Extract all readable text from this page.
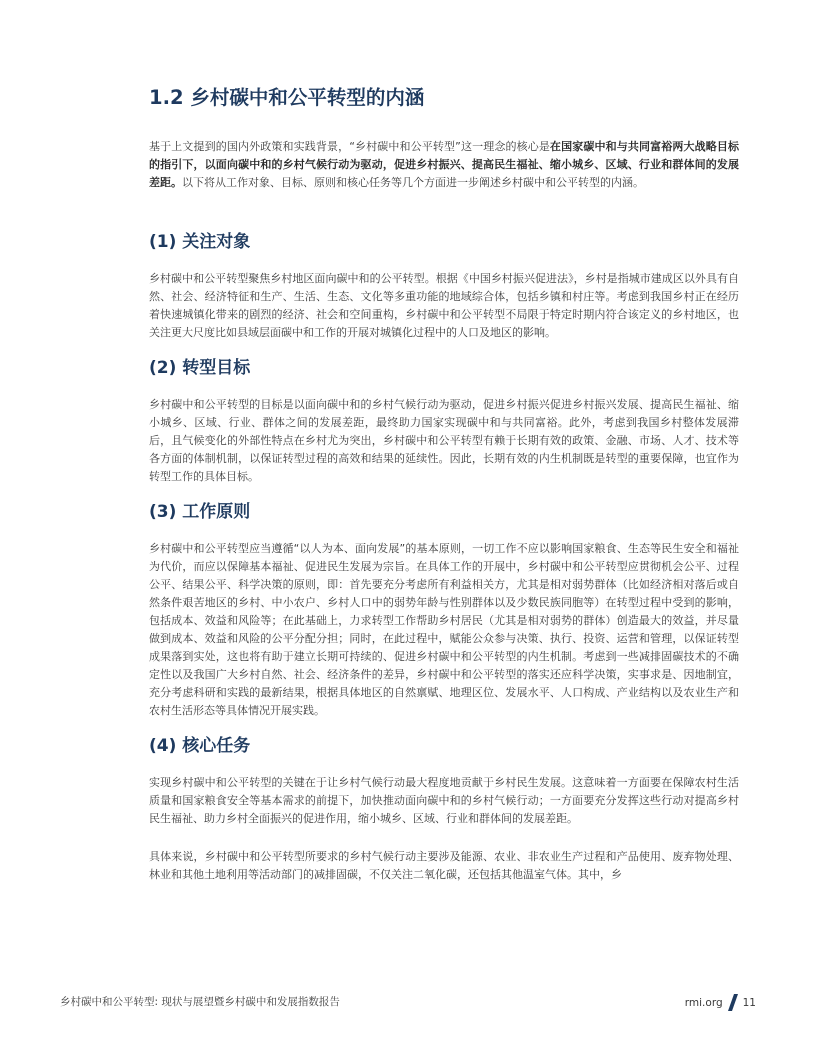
1.2 乡村碳中和公平转型的内涵

基于上文提到的国内外政策和实践背景，“乡村碳中和公平转型”这一理念的核心是在国家碳中和与共同富裕两大战略目标的指引下，以面向碳中和的乡村气候行动为驱动，促进乡村振兴、提高民生福祉、缩小城乡、区域、行业和群体间的发展差距。以下将从工作对象、目标、原则和核心任务等几个方面进一步阐述乡村碳中和公平转型的内涵。

(1) 关注对象

乡村碳中和公平转型聚焦乡村地区面向碳中和的公平转型。根据《中国乡村振兴促进法》，乡村是指城市建成区以外具有自然、社会、经济特征和生产、生活、生态、文化等多重功能的地域综合体，包括乡镇和村庄等。考虑到我国乡村正在经历着快速城镇化带来的剧烈的经济、社会和空间重构，乡村碳中和公平转型不局限于特定时期内符合该定义的乡村地区，也关注更大尺度比如县域层面碳中和工作的开展对城镇化过程中的人口及地区的影响。

(2) 转型目标

乡村碳中和公平转型的目标是以面向碳中和的乡村气候行动为驱动，促进乡村振兴促进乡村振兴发展、提高民生福祉、缩小城乡、区域、行业、群体之间的发展差距，最终助力国家实现碳中和与共同富裕。此外，考虑到我国乡村整体发展滞后，且气候变化的外部性特点在乡村尤为突出，乡村碳中和公平转型有赖于长期有效的政策、金融、市场、人才、技术等各方面的体制机制，以保证转型过程的高效和结果的延续性。因此，长期有效的内生机制既是转型的重要保障，也宜作为转型工作的具体目标。

(3) 工作原则

乡村碳中和公平转型应当遵循“以人为本、面向发展”的基本原则，一切工作不应以影响国家粮食、生态等民生安全和福祉为代价，而应以保障基本福祉、促进民生发展为宗旨。在具体工作的开展中，乡村碳中和公平转型应贯彻机会公平、过程公平、结果公平、科学决策的原则，即：首先要充分考虑所有利益相关方，尤其是相对弱势群体（比如经济相对落后或自然条件艰苦地区的乡村、中小农户、乡村人口中的弱势年龄与性别群体以及少数民族同胞等）在转型过程中受到的影响，包括成本、效益和风险等；在此基础上，力求转型工作帮助乡村居民（尤其是相对弱势的群体）创造最大的效益，并尽量做到成本、效益和风险的公平分配分担；同时，在此过程中，赋能公众参与决策、执行、投资、运营和管理，以保证转型成果落到实处，这也将有助于建立长期可持续的、促进乡村碳中和公平转型的内生机制。考虑到一些减排固碳技术的不确定性以及我国广大乡村自然、社会、经济条件的差异，乡村碳中和公平转型的落实还应科学决策，实事求是、因地制宜，充分考虑科研和实践的最新结果，根据具体地区的自然禀赋、地理区位、发展水平、人口构成、产业结构以及农业生产和农村生活形态等具体情况开展实践。

(4) 核心任务

实现乡村碳中和公平转型的关键在于让乡村气候行动最大程度地贡献于乡村民生发展。这意味着一方面要在保障农村生活质量和国家粮食安全等基本需求的前提下，加快推动面向碳中和的乡村气候行动；一方面要充分发挥这些行动对提高乡村民生福祉、助力乡村全面振兴的促进作用，缩小城乡、区域、行业和群体间的发展差距。

具体来说，乡村碳中和公平转型所要求的乡村气候行动主要涉及能源、农业、非农业生产过程和产品使用、废弃物处理、林业和其他土地利用等活动部门的减排固碳，不仅关注二氧化碳，还包括其他温室气体。其中，乡

乡村碳中和公平转型: 现状与展望暨乡村碳中和发展指数报告	rmi.org 11
